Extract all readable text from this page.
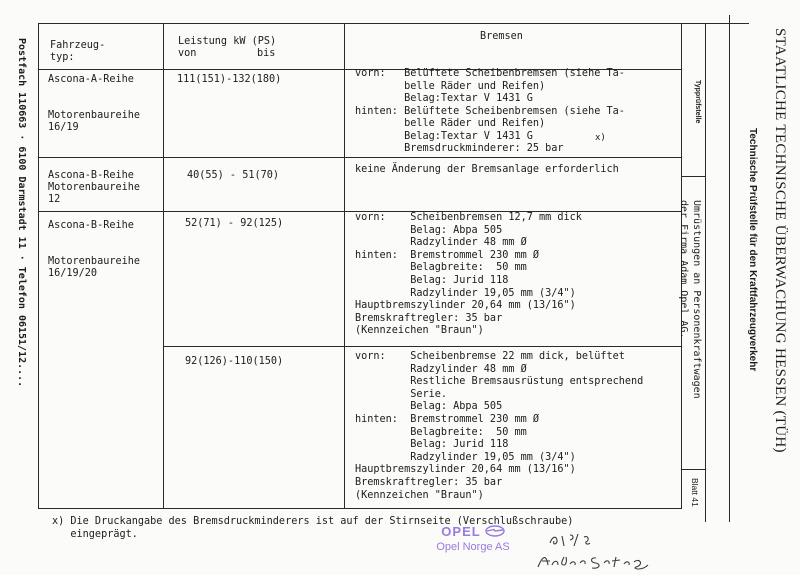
Postfach 110663 · 6100 Darmstadt 11 · Telefon 06151/12.... Fahrzeug-
typ:
Leistung kW (PS)
von	bis
Bremsen
Ascona-A-Reihe

Motorenbaureihe
16/19
111(151)-132(180)
vorn:   Belüftete Scheibenbremsen (siehe Ta-
belle Räder und Reifen)
Belag:Textar V 1431 G
hinten: Belüftete Scheibenbremsen (siehe Ta-
belle Räder und Reifen)
Belag:Textar V 1431 G
Bremsdruckminderer: 25 bar
x)
Ascona-B-Reihe
Motorenbaureihe
12
40(55) - 51(70)
keine Änderung der Bremsanlage erforderlich
Ascona-B-Reihe

Motorenbaureihe
16/19/20
52(71) - 92(125)
vorn:    Scheibenbremsen 12,7 mm dick
Belag: Abpa 505
Radzylinder 48 mm Ø
hinten:  Bremstrommel 230 mm Ø
Belagbreite:  50 mm
Belag: Jurid 118
Radzylinder 19,05 mm (3/4")
Hauptbremszylinder 20,64 mm (13/16")
Bremskraftregler: 35 bar
(Kennzeichen "Braun")
92(126)-110(150)	vorn:    Scheibenbremse 22 mm dick, belüftet
Radzylinder 48 mm Ø
Restliche Bremsausrüstung entsprechend
Serie.
Belag: Abpa 505
hinten:  Bremstrommel 230 mm Ø
Belagbreite:  50 mm
Belag: Jurid 118
Radzylinder 19,05 mm (3/4")
Hauptbremszylinder 20,64 mm (13/16")
Bremskraftregler: 35 bar
(Kennzeichen "Braun")
x) Die Druckangabe des Bremsdruckminderers ist auf der Stirnseite (Verschlußschraube)
eingeprägt.
Typprüfstelle
Umrüstungen an Personenkraftwagen
der Firma Adam Opel AG.
Blatt 41
STAATLICHE TECHNISCHE ÜBERWACHUNG HESSEN (TÜH)
Technische Prüfstelle für den Kraftfahrzeugverkehr
OPEL
Opel Norge AS
